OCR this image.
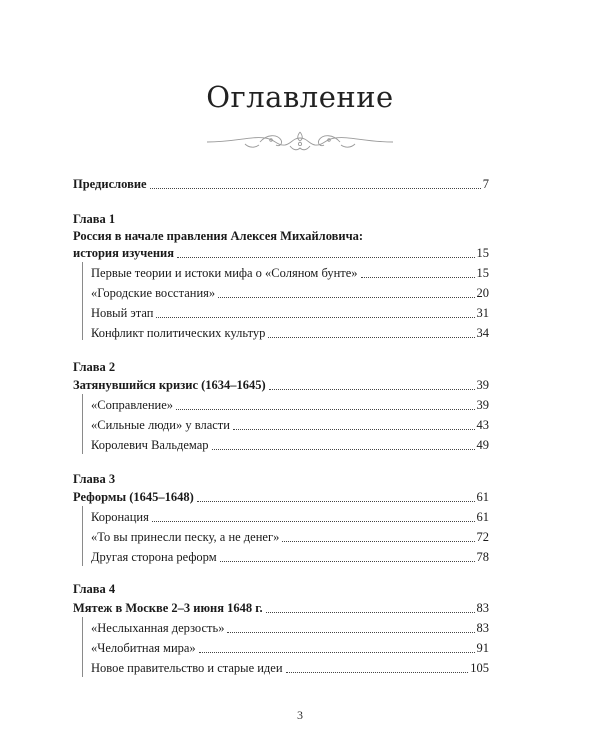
Оглавление
Предисловие	7
Глава 1
Россия в начале правления Алексея Михайловича:
история изучения	15
Первые теории и истоки мифа о «Соляном бунте»	15
«Городские восстания»	20
Новый этап	31
Конфликт политических культур	34
Глава 2
Затянувшийся кризис (1634–1645)	39
«Соправление»	39
«Сильные люди» у власти	43
Королевич Вальдемар	49
Глава 3
Реформы (1645–1648)	61
Коронация	61
«То вы принесли песку, а не денег»	72
Другая сторона реформ	78
Глава 4
Мятеж в Москве 2–3 июня 1648 г.	83
«Неслыханная дерзость»	83
«Челобитная мира»	91
Новое правительство и старые идеи	105
3
